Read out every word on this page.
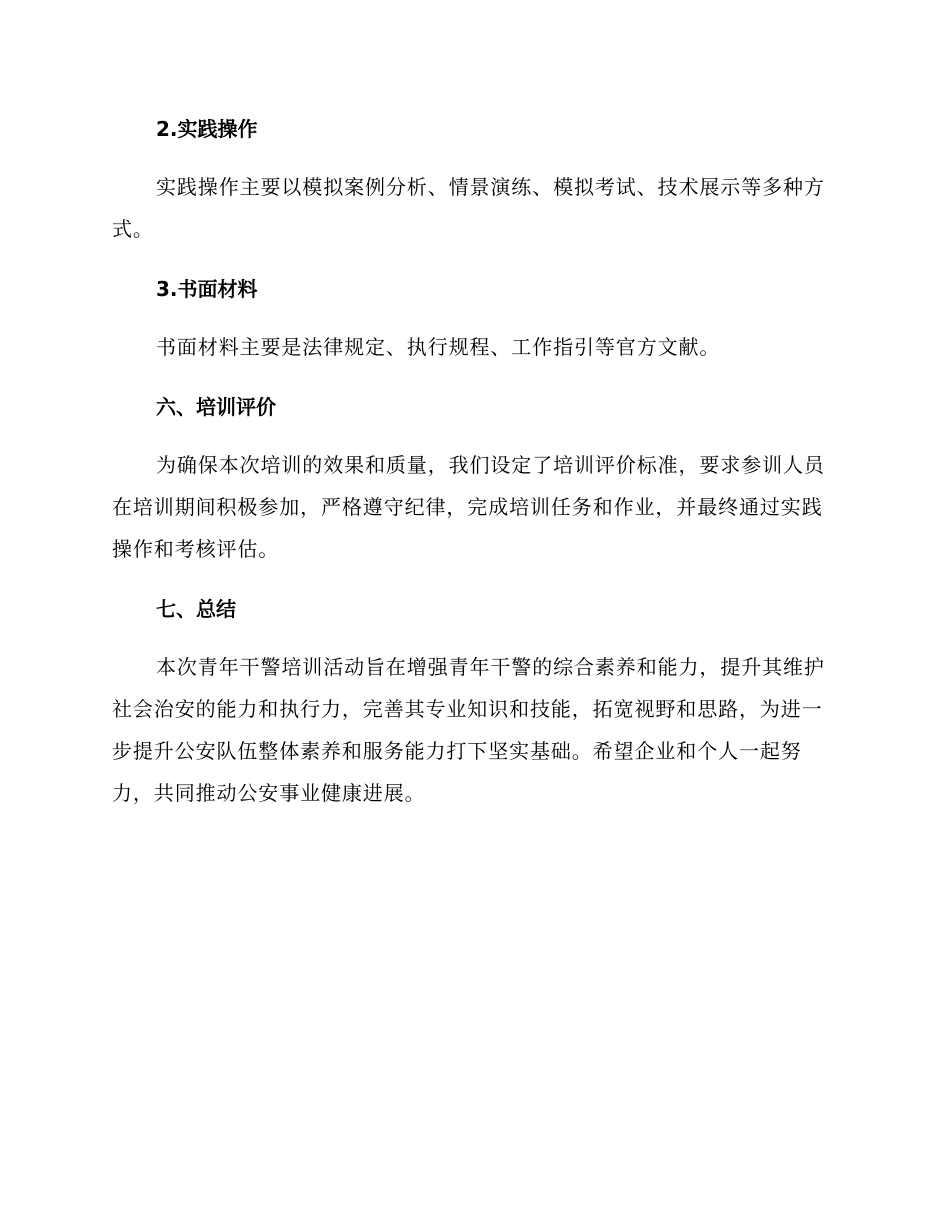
2.实践操作

实践操作主要以模拟案例分析、情景演练、模拟考试、技术展示等多种方式。

3.书面材料

书面材料主要是法律规定、执行规程、工作指引等官方文献。

六、培训评价

为确保本次培训的效果和质量，我们设定了培训评价标准，要求参训人员在培训期间积极参加，严格遵守纪律，完成培训任务和作业，并最终通过实践操作和考核评估。

七、总结

本次青年干警培训活动旨在增强青年干警的综合素养和能力，提升其维护社会治安的能力和执行力，完善其专业知识和技能，拓宽视野和思路，为进一步提升公安队伍整体素养和服务能力打下坚实基础。希望企业和个人一起努力，共同推动公安事业健康进展。
